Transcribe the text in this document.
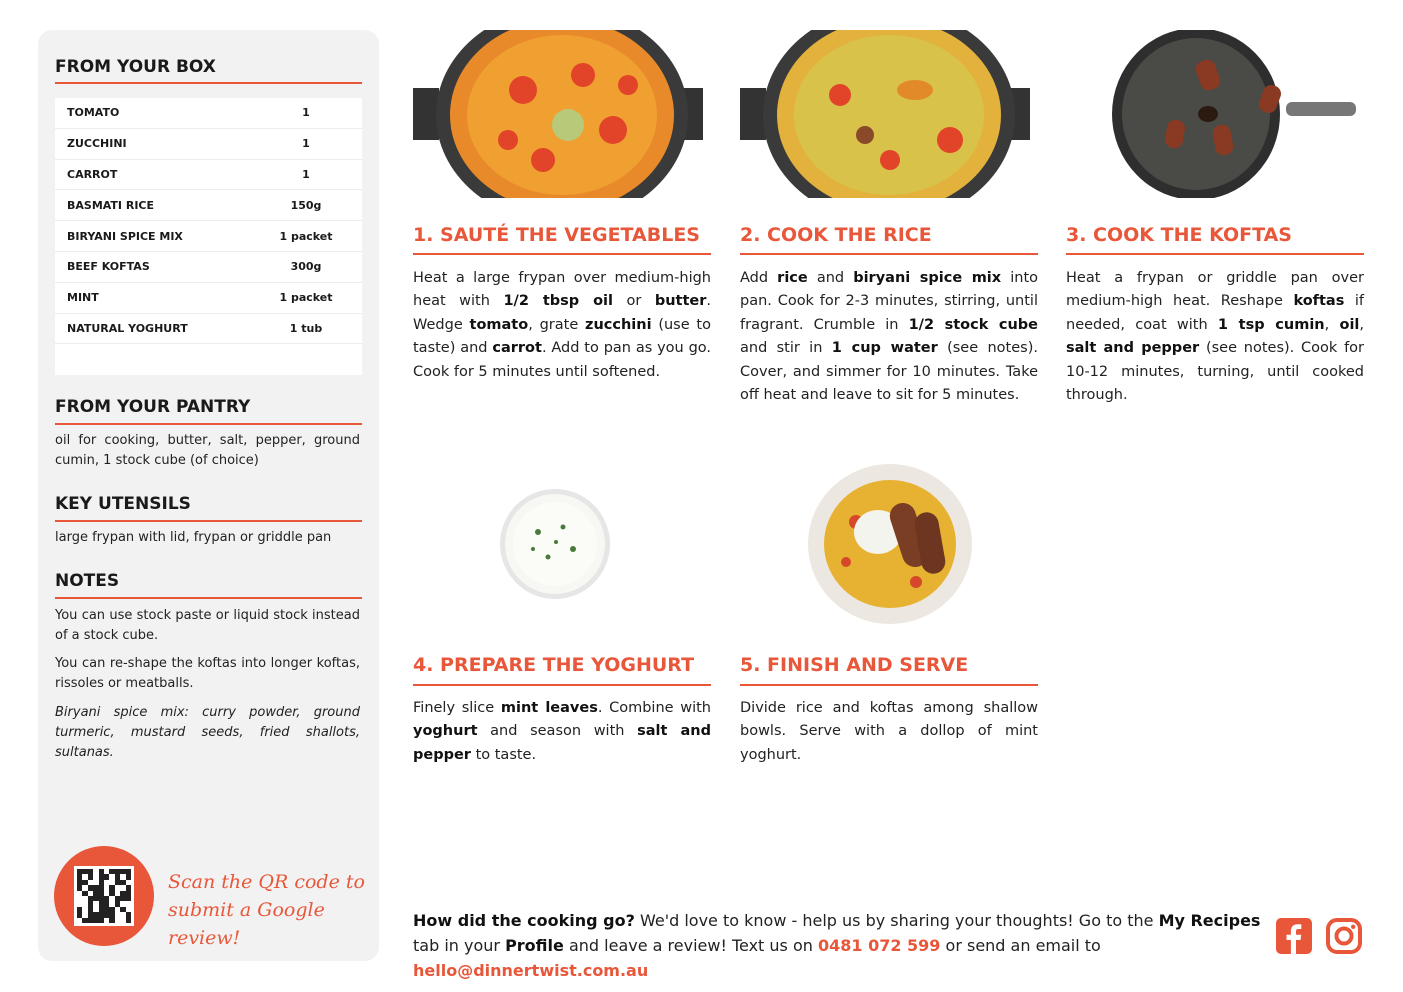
FROM YOUR BOX
TOMATO	1
ZUCCHINI	1
CARROT	1
BASMATI RICE	150g
BIRYANI SPICE MIX	1 packet
BEEF KOFTAS	300g
MINT	1 packet
NATURAL YOGHURT	1 tub
FROM YOUR PANTRY
oil for cooking, butter, salt, pepper, ground cumin, 1 stock cube (of choice)
KEY UTENSILS
large frypan with lid, frypan or griddle pan
NOTES
You can use stock paste or liquid stock instead of a stock cube.
You can re-shape the koftas into longer koftas, rissoles or meatballs.
Biryani spice mix: curry powder, ground turmeric, mustard seeds, fried shallots, sultanas.
Scan the QR code to
submit a Google review!
1. SAUTÉ THE VEGETABLES
Heat a large frypan over medium-high heat with 1/2 tbsp oil or butter. Wedge tomato, grate zucchini (use to taste) and carrot. Add to pan as you go. Cook for 5 minutes until softened.
2. COOK THE RICE
Add rice and biryani spice mix into pan. Cook for 2-3 minutes, stirring, until fragrant. Crumble in 1/2 stock cube and stir in 1 cup water (see notes). Cover, and simmer for 10 minutes. Take off heat and leave to sit for 5 minutes.
3. COOK THE KOFTAS
Heat a frypan or griddle pan over medium-high heat. Reshape koftas if needed, coat with 1 tsp cumin, oil, salt and pepper (see notes). Cook for 10-12 minutes, turning, until cooked through.
4. PREPARE THE YOGHURT
Finely slice mint leaves. Combine with yoghurt and season with salt and pepper to taste.
5. FINISH AND SERVE
Divide rice and koftas among shallow bowls. Serve with a dollop of mint yoghurt.
How did the cooking go? We'd love to know - help us by sharing your thoughts! Go to the My Recipes tab in your Profile and leave a review! Text us on 0481 072 599 or send an email to hello@dinnertwist.com.au
